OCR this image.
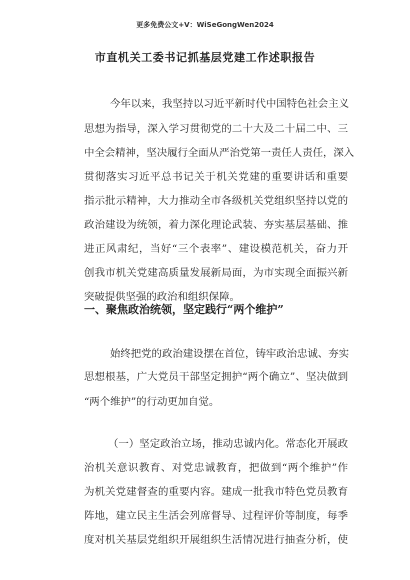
更多免费公文+V：WiSeGongWen2024
市直机关工委书记抓基层党建工作述职报告
今年以来，我坚持以习近平新时代中国特色社会主义
思想为指导，深入学习贯彻党的二十大及二十届二中、三
中全会精神，坚决履行全面从严治党第一责任人责任，深入
贯彻落实习近平总书记关于机关党建的重要讲话和重要
指示批示精神，大力推动全市各级机关党组织坚持以党的
政治建设为统领，着力深化理论武装、夯实基层基础、推
进正风肃纪，当好“三个表率”、建设模范机关，奋力开
创我市机关党建高质量发展新局面，为市实现全面振兴新
突破提供坚强的政治和组织保障。
一、聚焦政治统领，坚定践行“两个维护”
始终把党的政治建设摆在首位，铸牢政治忠诚、夯实
思想根基，广大党员干部坚定拥护“两个确立”、坚决做到
“两个维护”的行动更加自觉。
（一）坚定政治立场，推动忠诚内化。常态化开展政
治机关意识教育、对党忠诚教育，把做到“两个维护”作
为机关党建督查的重要内容。建成一批我市特色党员教育
阵地，建立民主生活会列席督导、过程评价等制度，每季
度对机关基层党组织开展组织生活情况进行抽查分析，使
